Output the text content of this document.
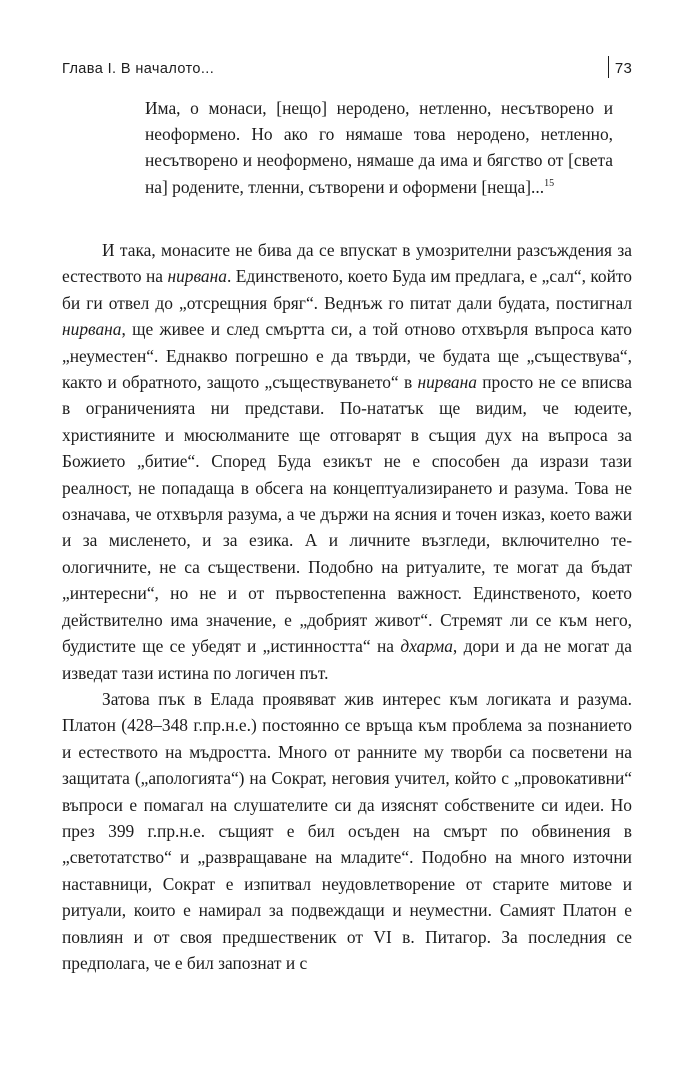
Глава I. В началото...	73

Има, о монаси, [нещо] нероденo, нетленно, несътворено и неоформено. Но ако го нямаше това неродено, нетленно, несътворено и неоформено, нямаше да има и бягство от [света на] родените, тленни, сътворени и оформени [неща]...$^{15}$

И така, монасите не бива да се впускат в умозрителни разсъждения за естеството на нирвана. Единственото, което Буда им предлага, е „сал“, който би ги отвел до „отсрещния бряг“. Веднъж го питат дали будата, постигнал нирвана, ще живее и след смъртта си, а той отново отхвърля въпроса като „неуместен“. Еднакво погрешно е да твърди, че будата ще „съществува“, както и обратното, защото „съществуването“ в нирвана просто не се вписва в ограниченията ни представи. По-нататък ще видим, че юдеите, християните и мюсюлманите ще отговарят в същия дух на въпроса за Божието „битие“. Според Буда езикът не е способен да изрази тази реалност, не попадаща в обсега на концептуализирането и разума. Това не означава, че отхвърля разума, а че държи на ясния и точен изказ, което важи и за мисленето, и за езика. А и личните възгледи, включително теологичните, не са съществени. Подобно на ритуалите, те могат да бъдат „интересни“, но не и от първостепенна важност. Единственото, което действително има значение, е „добрият живот“. Стремят ли се към него, будистите ще се убедят и „истинността“ на дхарма, дори и да не могат да изведат тази истина по логичен път.

Затова пък в Елада проявяват жив интерес към логиката и разума. Платон (428–348 г.пр.н.е.) постоянно се връща към проблема за познанието и естеството на мъдростта. Много от ранните му творби са посветени на защитата („апологията“) на Сократ, неговия учител, който с „провокативни“ въпроси е помагал на слушателите си да изяснят собствените си идеи. Но през 399 г.пр.н.е. същият е бил осъден на смърт по обвинения в „светотатство“ и „развращаване на младите“. Подобно на много източни наставници, Сократ е изпитвал неудовлетворение от старите митове и ритуали, които е намирал за подвеждащи и неуместни. Самият Платон е повлиян и от своя предшественик от VI в. Питагор. За последния се предполага, че е бил запознат и с
